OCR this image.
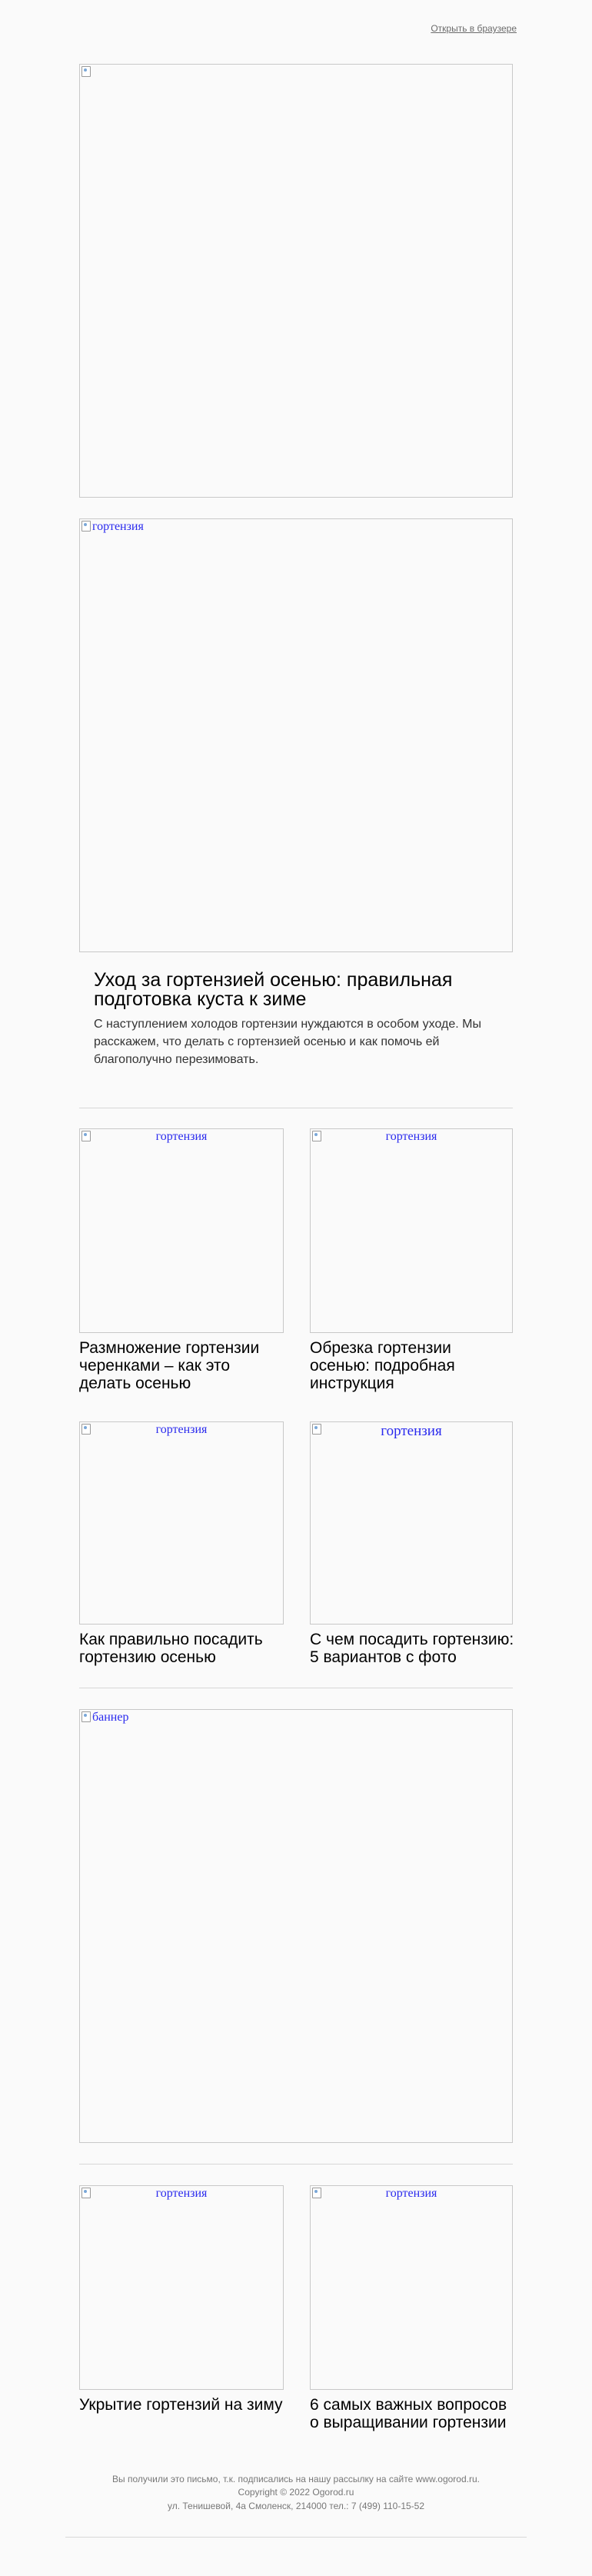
Открыть в браузере
гортензия
Уход за гортензией осенью: правильная подготовка куста к зиме
С наступлением холодов гортензии нуждаются в особом уходе. Мы расскажем, что делать с гортензией осенью и как помочь ей благополучно перезимовать.
гортензия
Размножение гортензии черенками – как это делать осенью
гортензия
Обрезка гортензии осенью: подробная инструкция
гортензия
Как правильно посадить гортензию осенью
гортензия
С чем посадить гортензию: 5 вариантов с фото
баннер
гортензия
Укрытие гортензий на зиму
гортензия
6 самых важных вопросов о выращивании гортензии
Вы получили это письмо, т.к. подписались на нашу рассылку на сайте www.ogorod.ru.
Copyright © 2022 Ogorod.ru
ул. Тенишевой, 4а Смоленск, 214000 тел.: 7 (499) 110-15-52
